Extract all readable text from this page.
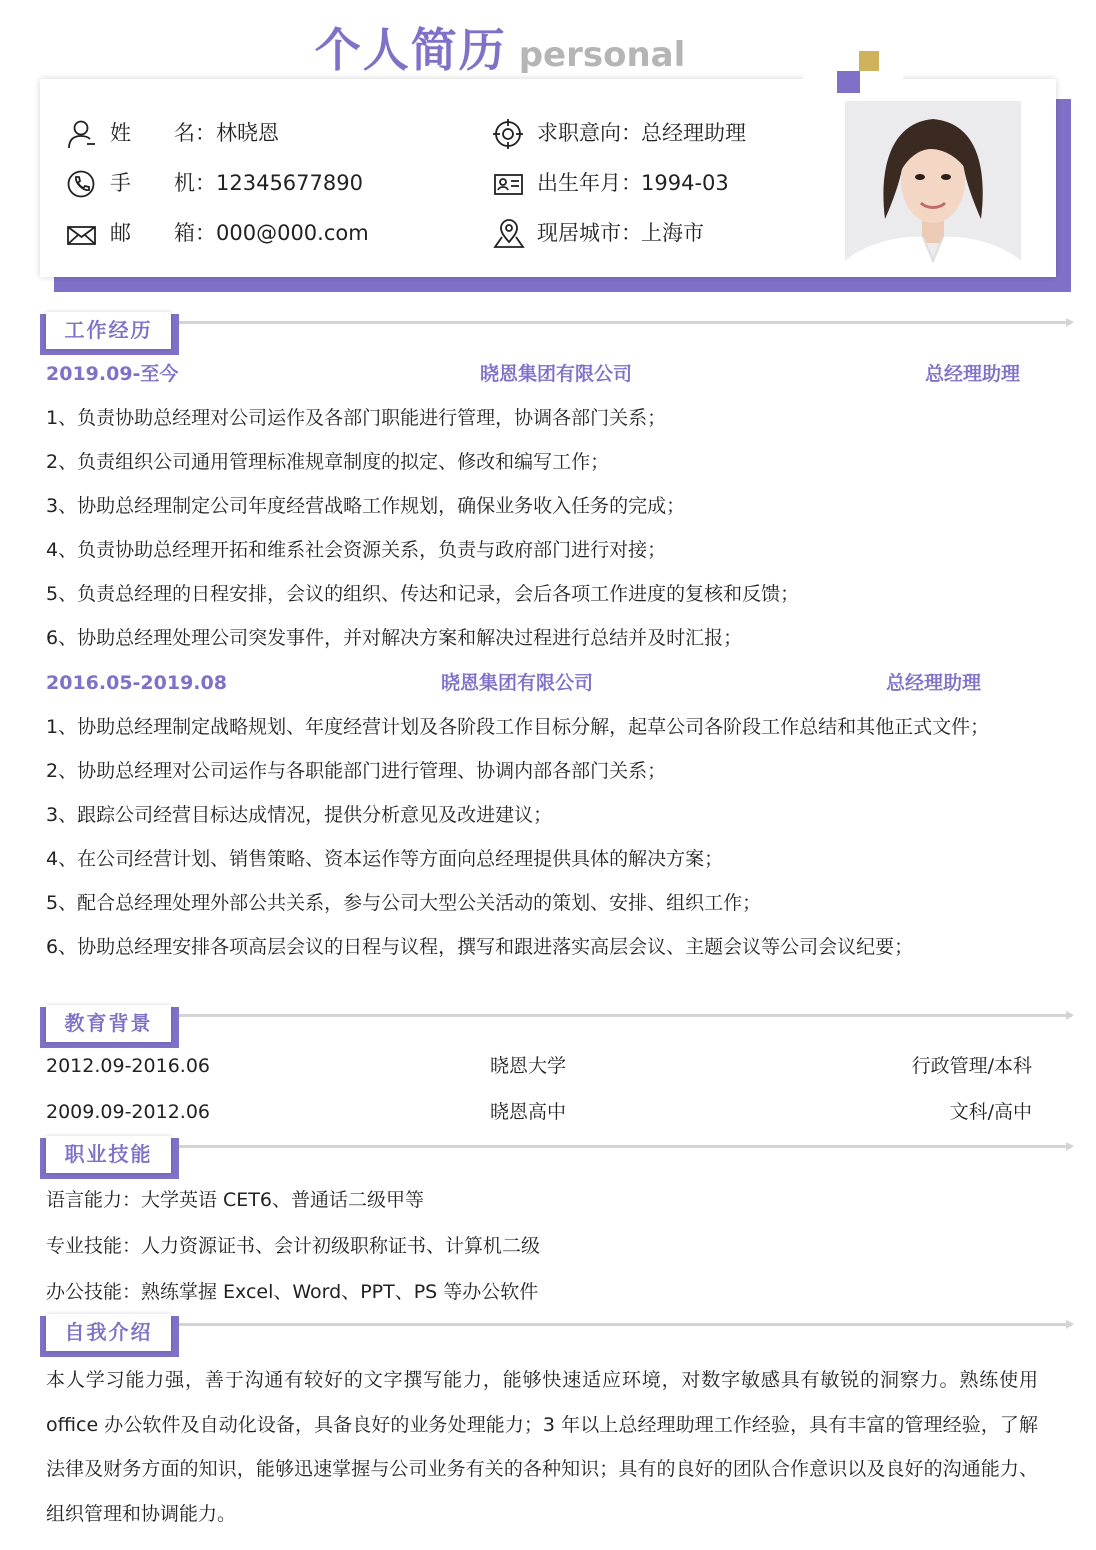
个人简历 personal
姓 名： 林晓恩
手 机： 12345677890
邮 箱： 000@000.com
求职意向： 总经理助理
出生年月： 1994-03
现居城市： 上海市
工作经历
2019.09-至今	晓恩集团有限公司	总经理助理
1、负责协助总经理对公司运作及各部门职能进行管理，协调各部门关系；
2、负责组织公司通用管理标准规章制度的拟定、修改和编写工作；
3、协助总经理制定公司年度经营战略工作规划，确保业务收入任务的完成；
4、负责协助总经理开拓和维系社会资源关系，负责与政府部门进行对接；
5、负责总经理的日程安排，会议的组织、传达和记录，会后各项工作进度的复核和反馈；
6、协助总经理处理公司突发事件，并对解决方案和解决过程进行总结并及时汇报；
2016.05-2019.08	晓恩集团有限公司	总经理助理
1、协助总经理制定战略规划、年度经营计划及各阶段工作目标分解，起草公司各阶段工作总结和其他正式文件；
2、协助总经理对公司运作与各职能部门进行管理、协调内部各部门关系；
3、跟踪公司经营目标达成情况，提供分析意见及改进建议；
4、在公司经营计划、销售策略、资本运作等方面向总经理提供具体的解决方案；
5、配合总经理处理外部公共关系，参与公司大型公关活动的策划、安排、组织工作；
6、协助总经理安排各项高层会议的日程与议程，撰写和跟进落实高层会议、主题会议等公司会议纪要；
教育背景
2012.09-2016.06	晓恩大学	行政管理/本科
2009.09-2012.06	晓恩高中	文科/高中
职业技能
语言能力：大学英语 CET6、普通话二级甲等
专业技能：人力资源证书、会计初级职称证书、计算机二级
办公技能：熟练掌握 Excel、Word、PPT、PS 等办公软件
自我介绍
本人学习能力强，善于沟通有较好的文字撰写能力，能够快速适应环境，对数字敏感具有敏锐的洞察力。熟练使用 office 办公软件及自动化设备，具备良好的业务处理能力；3 年以上总经理助理工作经验，具有丰富的管理经验，了解法律及财务方面的知识，能够迅速掌握与公司业务有关的各种知识；具有的良好的团队合作意识以及良好的沟通能力、组织管理和协调能力。
